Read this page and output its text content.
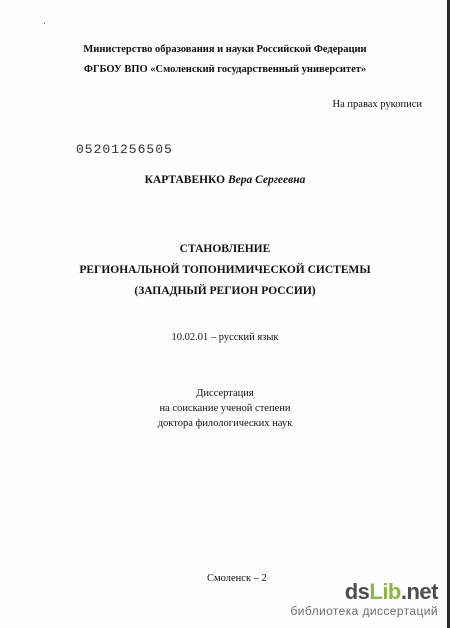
Министерство образования и науки Российской Федерации
ФГБОУ ВПО «Смоленский государственный университет»
На правах рукописи
05201256505
КАРТАВЕНКО Вера Сергеевна
СТАНОВЛЕНИЕ
РЕГИОНАЛЬНОЙ ТОПОНИМИЧЕСКОЙ СИСТЕМЫ
(ЗАПАДНЫЙ РЕГИОН РОССИИ)
10.02.01 – русский язык
Диссертация
на соискание ученой степени
доктора филологических наук
Смоленск – 2
dsLib.net
библиотека диссертаций
